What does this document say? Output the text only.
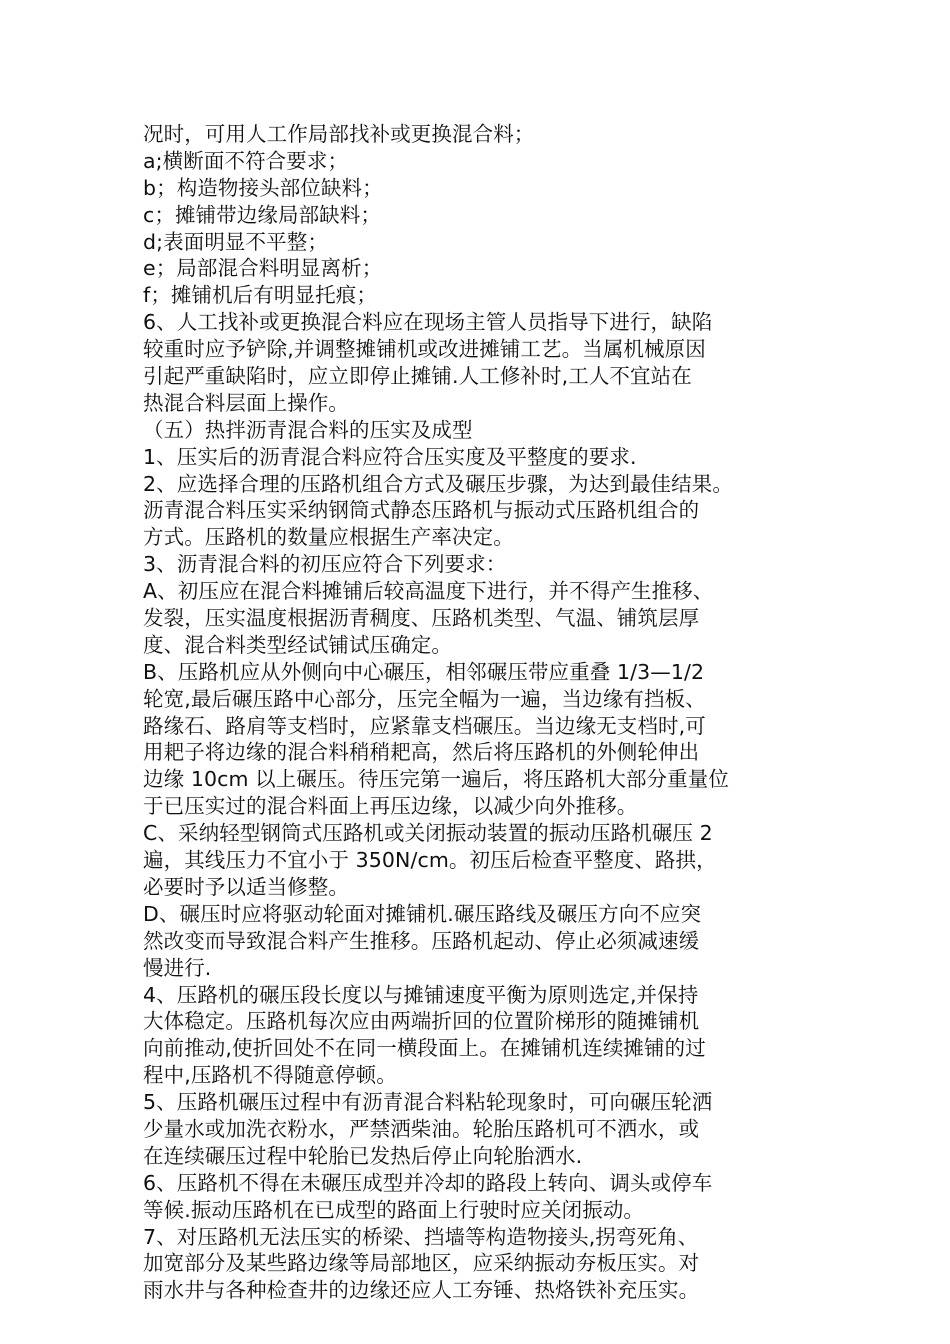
况时，可用人工作局部找补或更换混合料；
a;横断面不符合要求；
b；构造物接头部位缺料；
c；摊铺带边缘局部缺料；
d;表面明显不平整；
e；局部混合料明显离析；
f；摊铺机后有明显托痕；
6、人工找补或更换混合料应在现场主管人员指导下进行，缺陷
较重时应予铲除,并调整摊铺机或改进摊铺工艺。当属机械原因
引起严重缺陷时，应立即停止摊铺.人工修补时,工人不宜站在
热混合料层面上操作。
（五）热拌沥青混合料的压实及成型
1、压实后的沥青混合料应符合压实度及平整度的要求.
2、应选择合理的压路机组合方式及碾压步骤，为达到最佳结果。
沥青混合料压实采纳钢筒式静态压路机与振动式压路机组合的
方式。压路机的数量应根据生产率决定。
3、沥青混合料的初压应符合下列要求：
A、初压应在混合料摊铺后较高温度下进行，并不得产生推移、
发裂，压实温度根据沥青稠度、压路机类型、气温、铺筑层厚
度、混合料类型经试铺试压确定。
B、压路机应从外侧向中心碾压，相邻碾压带应重叠 1/3—1/2
轮宽,最后碾压路中心部分，压完全幅为一遍，当边缘有挡板、
路缘石、路肩等支档时，应紧靠支档碾压。当边缘无支档时,可
用耙子将边缘的混合料稍稍耙高，然后将压路机的外侧轮伸出
边缘 10cm 以上碾压。待压完第一遍后，将压路机大部分重量位
于已压实过的混合料面上再压边缘，以减少向外推移。
C、采纳轻型钢筒式压路机或关闭振动装置的振动压路机碾压 2
遍，其线压力不宜小于 350N/cm。初压后检查平整度、路拱，
必要时予以适当修整。
D、碾压时应将驱动轮面对摊铺机.碾压路线及碾压方向不应突
然改变而导致混合料产生推移。压路机起动、停止必须减速缓
慢进行.
4、压路机的碾压段长度以与摊铺速度平衡为原则选定,并保持
大体稳定。压路机每次应由两端折回的位置阶梯形的随摊铺机
向前推动,使折回处不在同一横段面上。在摊铺机连续摊铺的过
程中,压路机不得随意停顿。
5、压路机碾压过程中有沥青混合料粘轮现象时，可向碾压轮洒
少量水或加洗衣粉水，严禁洒柴油。轮胎压路机可不洒水，或
在连续碾压过程中轮胎已发热后停止向轮胎洒水.
6、压路机不得在未碾压成型并冷却的路段上转向、调头或停车
等候.振动压路机在已成型的路面上行驶时应关闭振动。
7、对压路机无法压实的桥梁、挡墙等构造物接头,拐弯死角、
加宽部分及某些路边缘等局部地区，应采纳振动夯板压实。对
雨水井与各种检查井的边缘还应人工夯锤、热烙铁补充压实。
